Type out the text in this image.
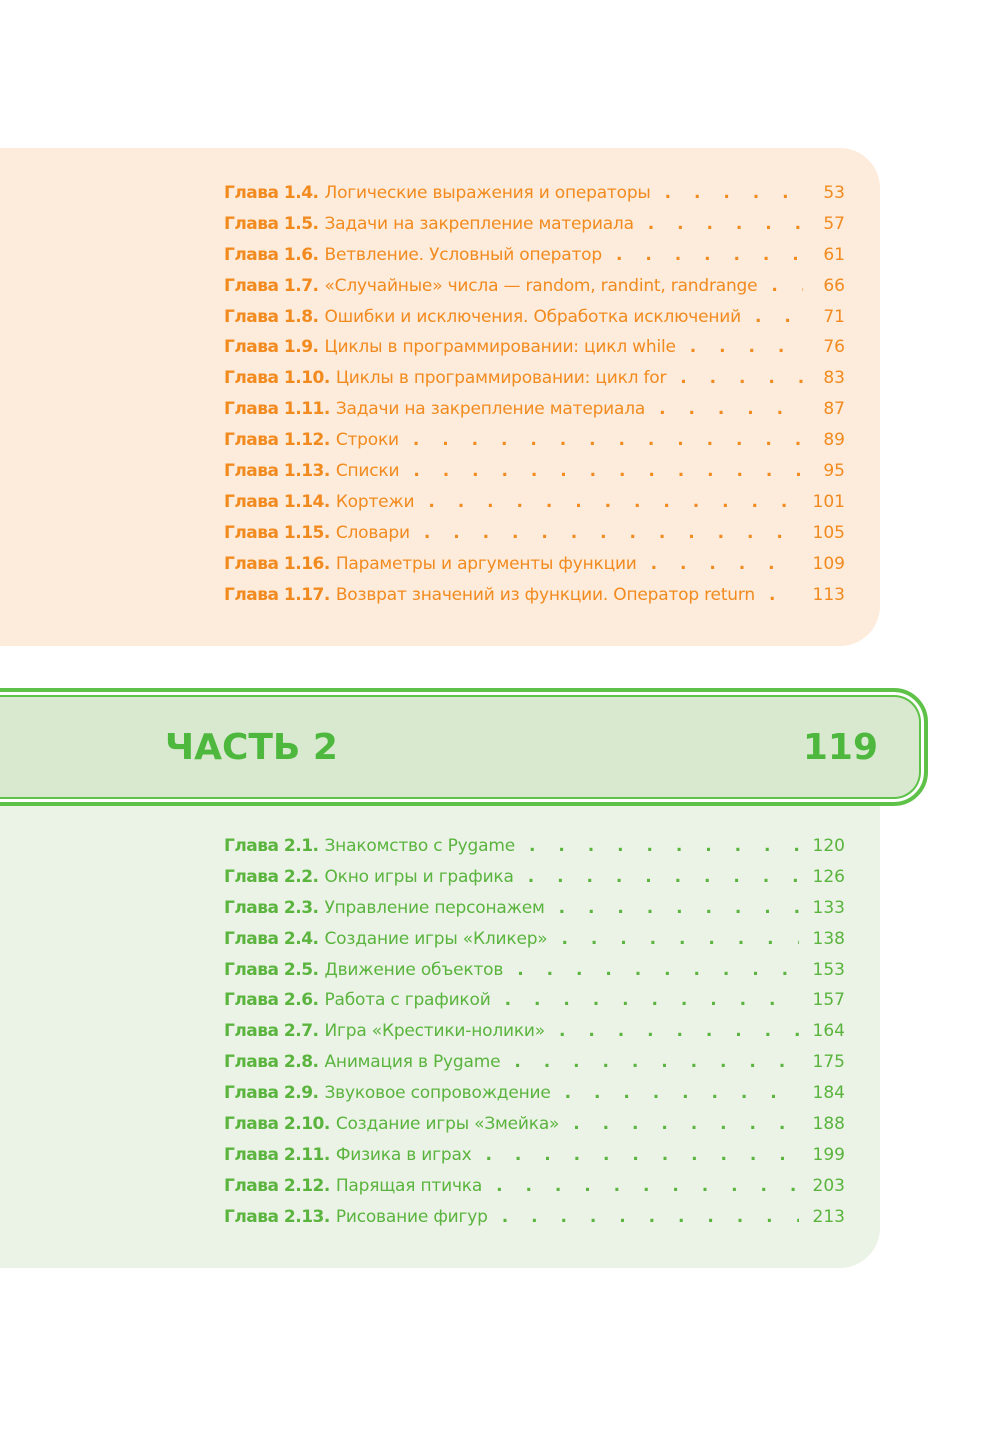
Глава 1.4. Логические выражения и операторы . . .	53
Глава 1.5. Задачи на закрепление материала . . .	57
Глава 1.6. Ветвление. Условный оператор . . .	61
Глава 1.7. «Случайные» числа — random, randint, randrange . . .	66
Глава 1.8. Ошибки и исключения. Обработка исключений . . .	71
Глава 1.9. Циклы в программировании: цикл while . . .	76
Глава 1.10. Циклы в программировании: цикл for . . .	83
Глава 1.11. Задачи на закрепление материала . . .	87
Глава 1.12. Строки . . .	89
Глава 1.13. Списки . . .	95
Глава 1.14. Кортежи . . .	101
Глава 1.15. Словари . . .	105
Глава 1.16. Параметры и аргументы функции . . .	109
Глава 1.17. Возврат значений из функции. Оператор return . . .	113
ЧАСТЬ 2	119
Глава 2.1. Знакомство с Pygame . . .	120
Глава 2.2. Окно игры и графика . . .	126
Глава 2.3. Управление персонажем . . .	133
Глава 2.4. Создание игры «Кликер» . . .	138
Глава 2.5. Движение объектов . . .	153
Глава 2.6. Работа с графикой . . .	157
Глава 2.7. Игра «Крестики-нолики» . . .	164
Глава 2.8. Анимация в Pygame . . .	175
Глава 2.9. Звуковое сопровождение . . .	184
Глава 2.10. Создание игры «Змейка» . . .	188
Глава 2.11. Физика в играх . . .	199
Глава 2.12. Парящая птичка . . .	203
Глава 2.13. Рисование фигур . . .	213
